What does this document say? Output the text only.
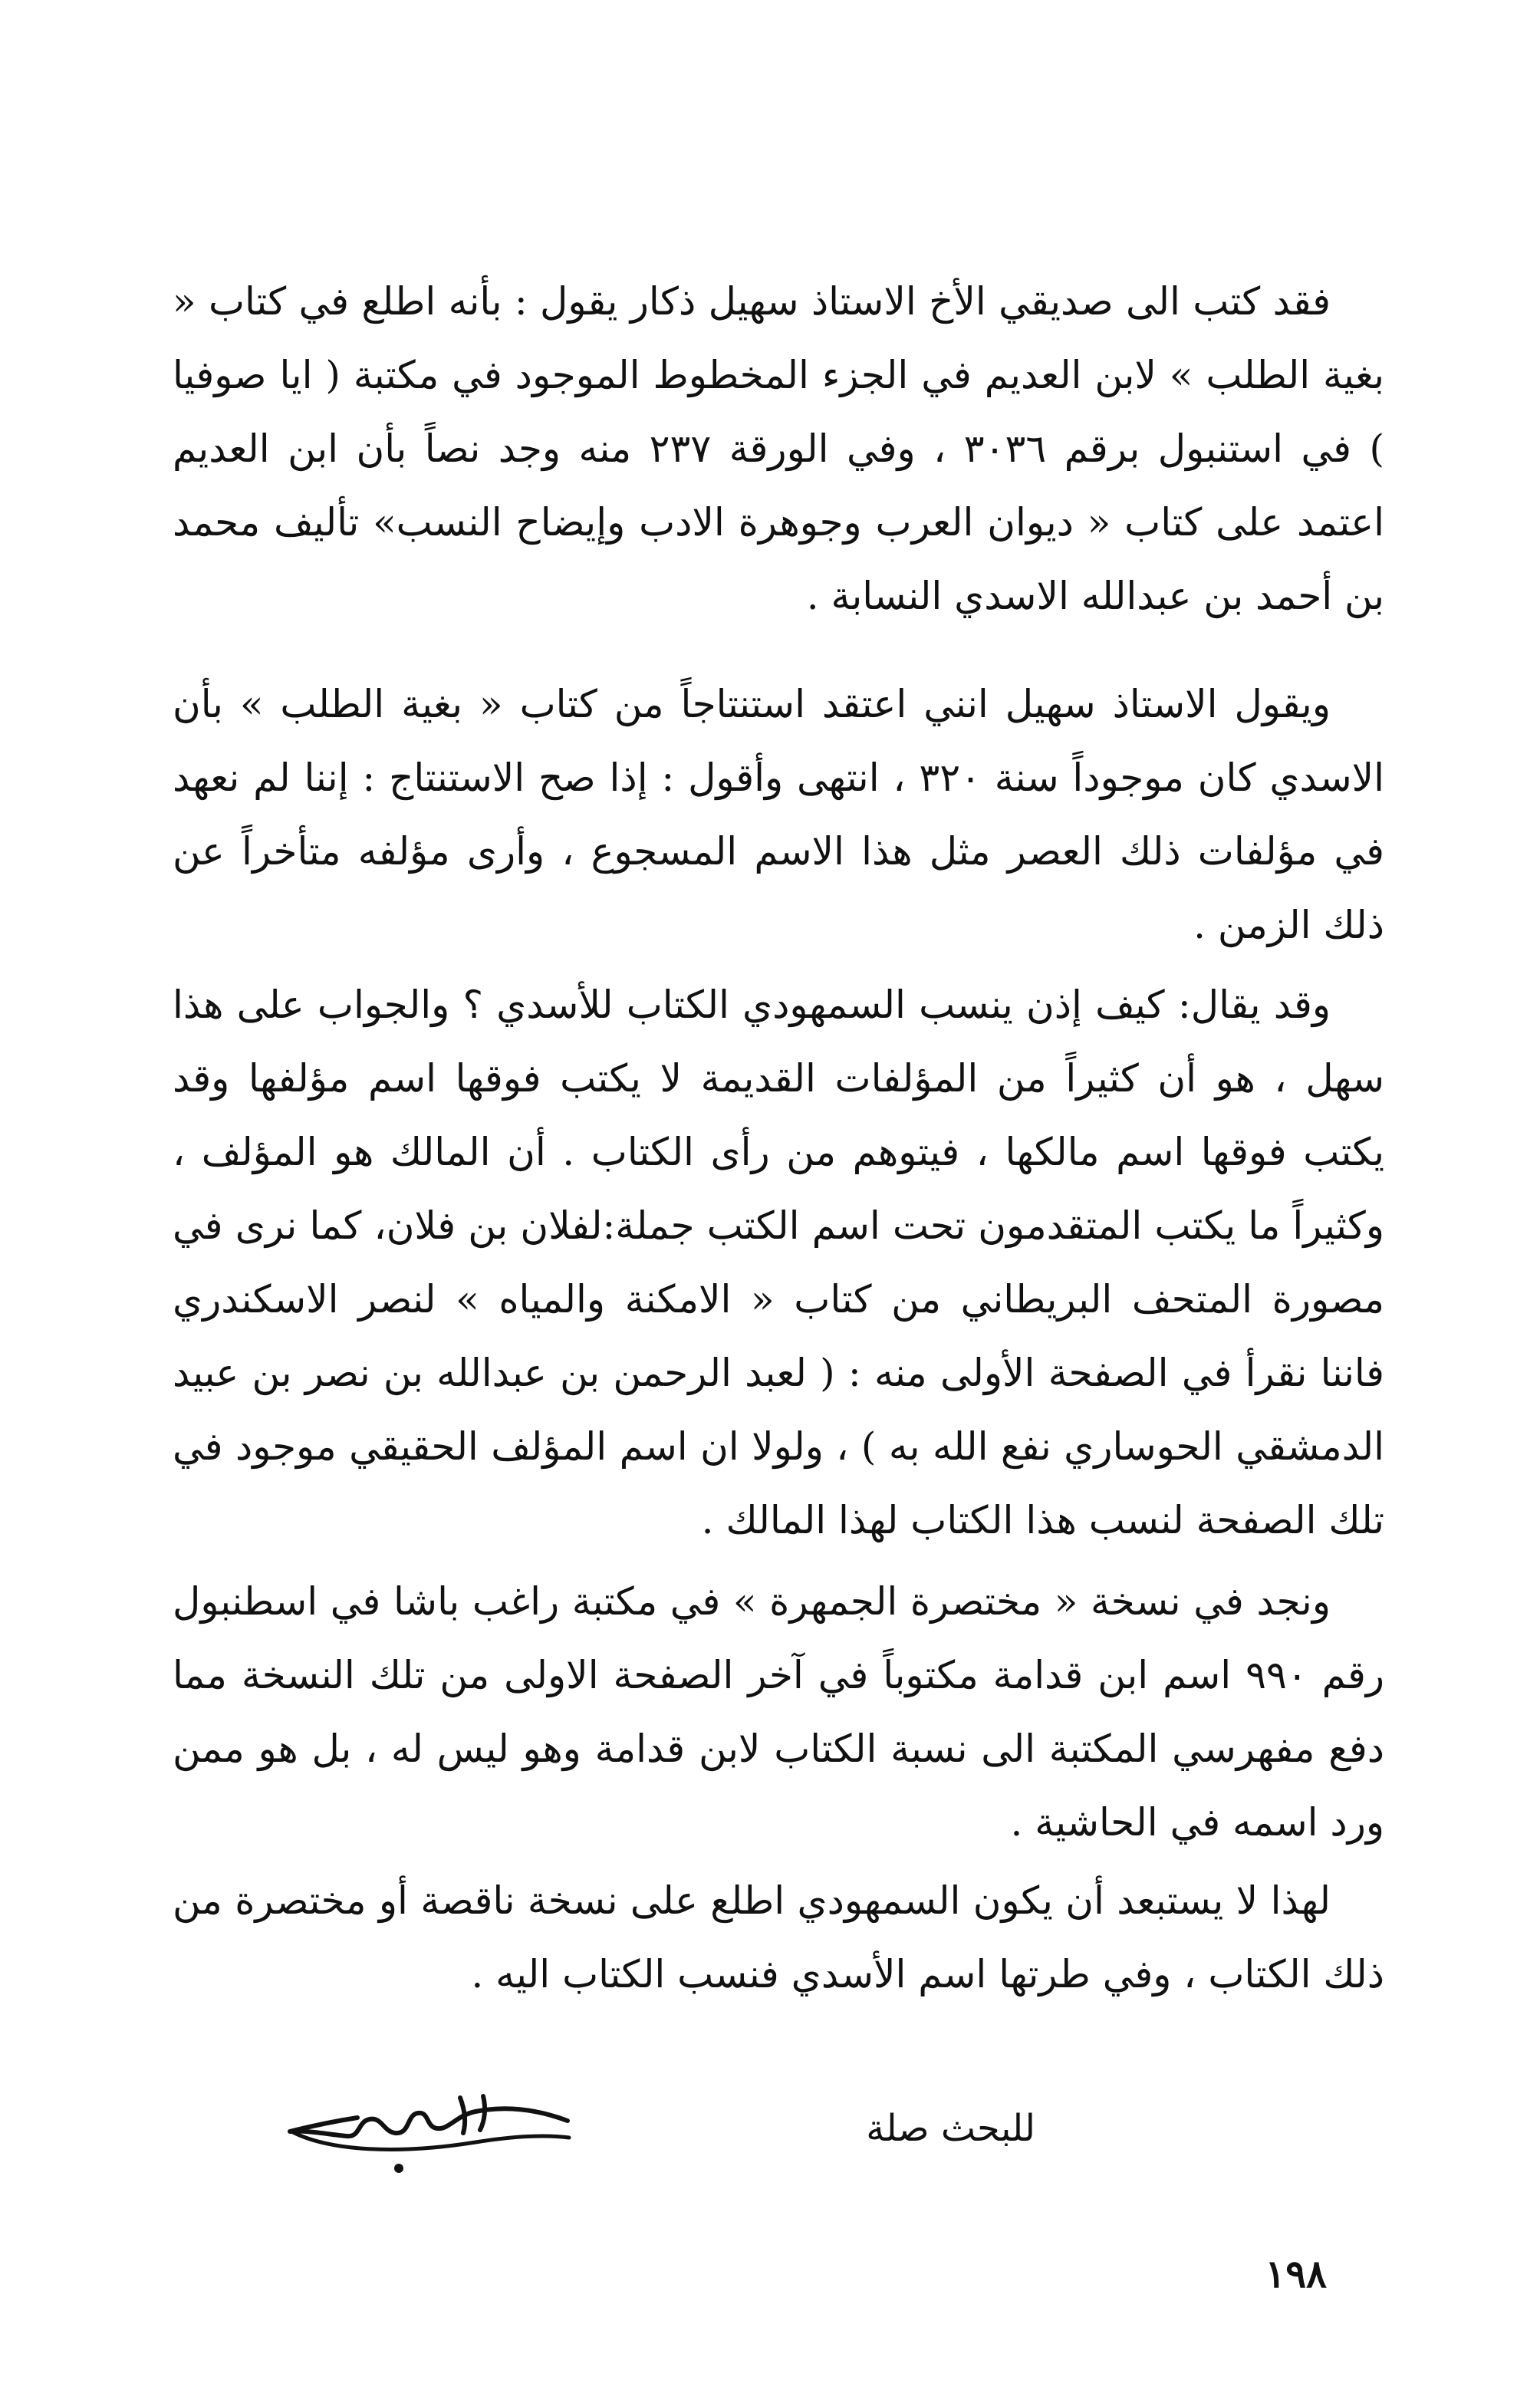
فقد كتب الى صديقي الأخ الاستاذ سهيل ذكار يقول : بأنه اطلع في كتاب « بغية الطلب » لابن العديم في الجزء المخطوط الموجود في مكتبة ( ايا صوفيا ) في استنبول برقم ٣٠٣٦ ، وفي الورقة ٢٣٧ منه وجد نصاً بأن ابن العديم اعتمد على كتاب « ديوان العرب وجوهرة الادب وإيضاح النسب» تأليف محمد بن أحمد بن عبدالله الاسدي النسابة .

ويقول الاستاذ سهيل انني اعتقد استنتاجاً من كتاب « بغية الطلب » بأن الاسدي كان موجوداً سنة ٣٢٠ ، انتهى وأقول : إذا صح الاستنتاج : إننا لم نعهد في مؤلفات ذلك العصر مثل هذا الاسم المسجوع ، وأرى مؤلفه متأخراً عن ذلك الزمن .

وقد يقال: كيف إذن ينسب السمهودي الكتاب للأسدي ؟ والجواب على هذا سهل ، هو أن كثيراً من المؤلفات القديمة لا يكتب فوقها اسم مؤلفها وقد يكتب فوقها اسم مالكها ، فيتوهم من رأى الكتاب . أن المالك هو المؤلف ، وكثيراً ما يكتب المتقدمون تحت اسم الكتب جملة:لفلان بن فلان، كما نرى في مصورة المتحف البريطاني من كتاب « الامكنة والمياه » لنصر الاسكندري فاننا نقرأ في الصفحة الأولى منه : ( لعبد الرحمن بن عبدالله بن نصر بن عبيد الدمشقي الحوساري نفع الله به ) ، ولولا ان اسم المؤلف الحقيقي موجود في تلك الصفحة لنسب هذا الكتاب لهذا المالك .

ونجد في نسخة « مختصرة الجمهرة » في مكتبة راغب باشا في اسطنبول رقم ٩٩٠ اسم ابن قدامة مكتوباً في آخر الصفحة الاولى من تلك النسخة مما دفع مفهرسي المكتبة الى نسبة الكتاب لابن قدامة وهو ليس له ، بل هو ممن ورد اسمه في الحاشية .

لهذا لا يستبعد أن يكون السمهودي اطلع على نسخة ناقصة أو مختصرة من ذلك الكتاب ، وفي طرتها اسم الأسدي فنسب الكتاب اليه .

للبحث صلة
١٩٨
